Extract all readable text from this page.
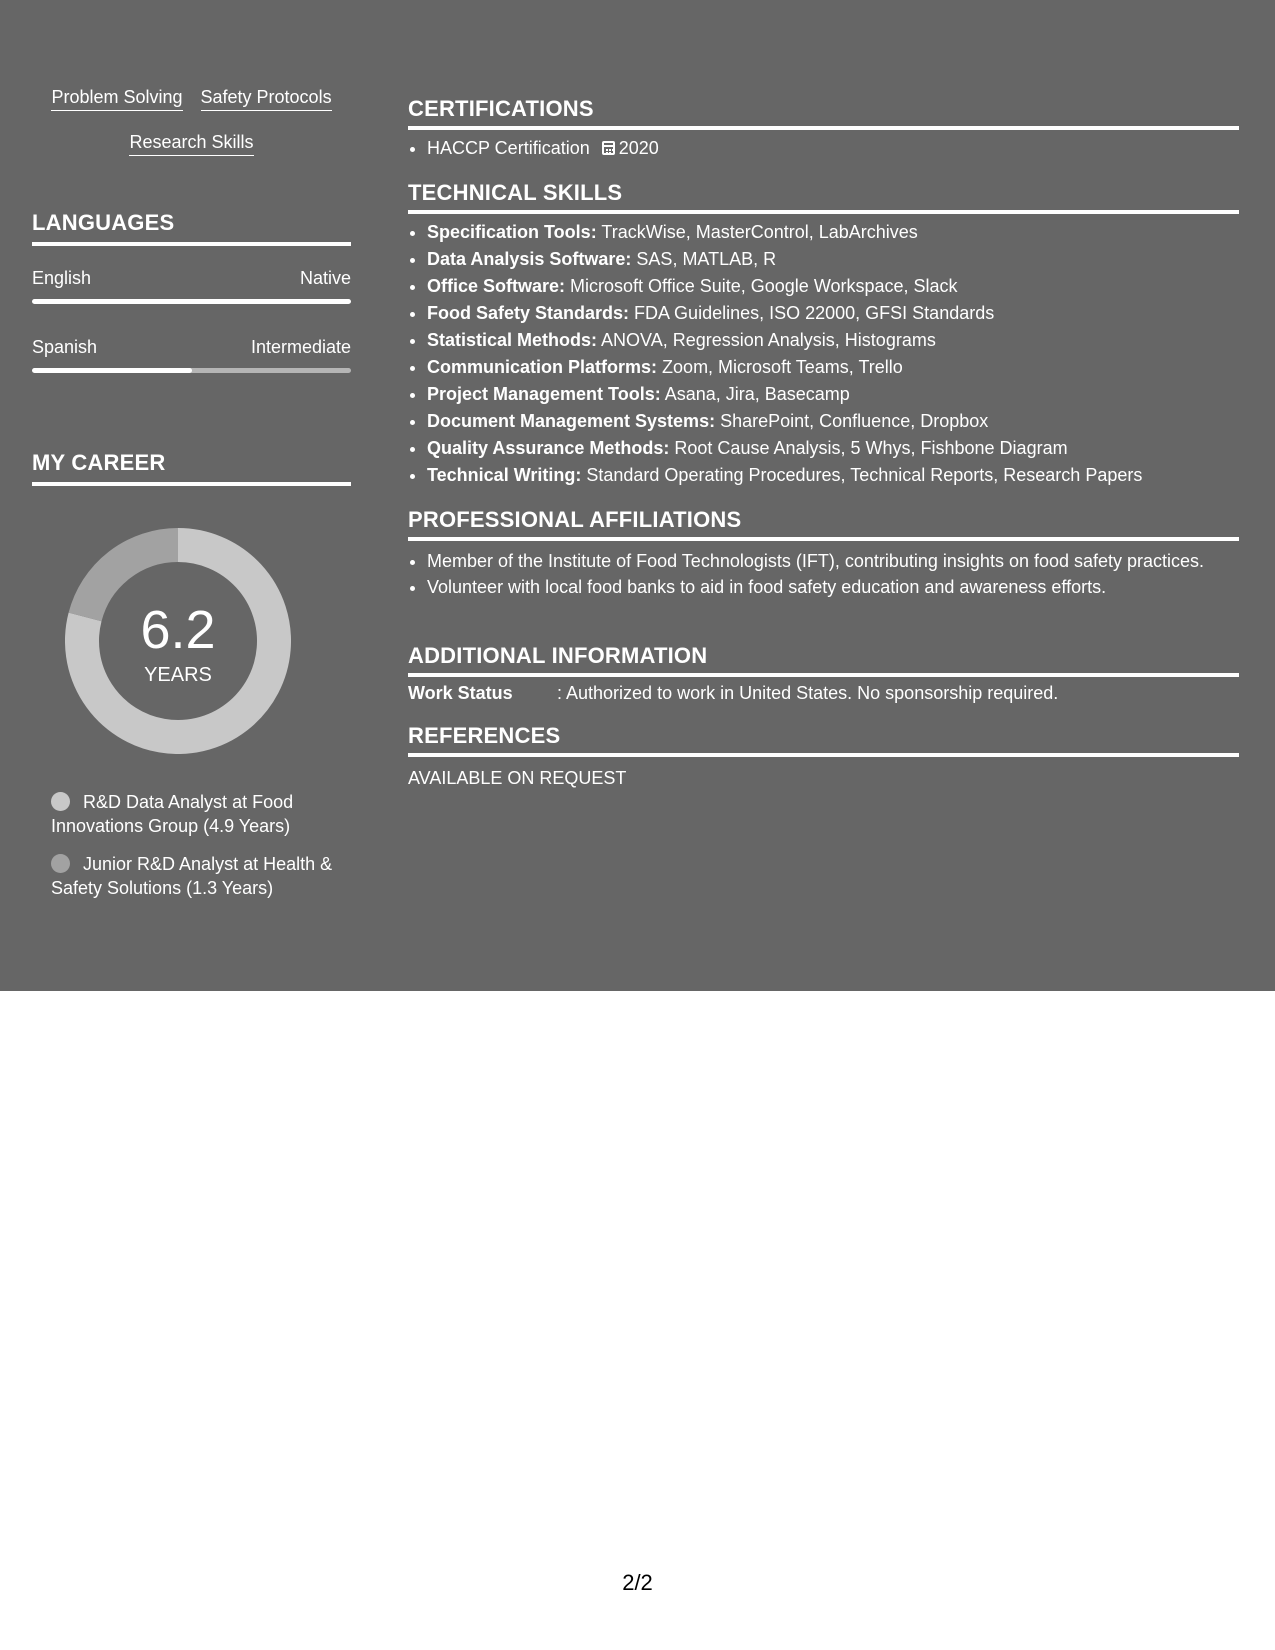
Problem Solving Safety Protocols
Research Skills
LANGUAGES
English	Native
Spanish	Intermediate
MY CAREER
6.2
YEARS
R&D Data Analyst at Food Innovations Group (4.9 Years)
Junior R&D Analyst at Health & Safety Solutions (1.3 Years)
CERTIFICATIONS
• HACCP Certification 2020
TECHNICAL SKILLS
• Specification Tools: TrackWise, MasterControl, LabArchives
• Data Analysis Software: SAS, MATLAB, R
• Office Software: Microsoft Office Suite, Google Workspace, Slack
• Food Safety Standards: FDA Guidelines, ISO 22000, GFSI Standards
• Statistical Methods: ANOVA, Regression Analysis, Histograms
• Communication Platforms: Zoom, Microsoft Teams, Trello
• Project Management Tools: Asana, Jira, Basecamp
• Document Management Systems: SharePoint, Confluence, Dropbox
• Quality Assurance Methods: Root Cause Analysis, 5 Whys, Fishbone Diagram
• Technical Writing: Standard Operating Procedures, Technical Reports, Research Papers
PROFESSIONAL AFFILIATIONS
• Member of the Institute of Food Technologists (IFT), contributing insights on food safety practices.
• Volunteer with local food banks to aid in food safety education and awareness efforts.
ADDITIONAL INFORMATION
Work Status : Authorized to work in United States. No sponsorship required.
REFERENCES
AVAILABLE ON REQUEST
2/2
